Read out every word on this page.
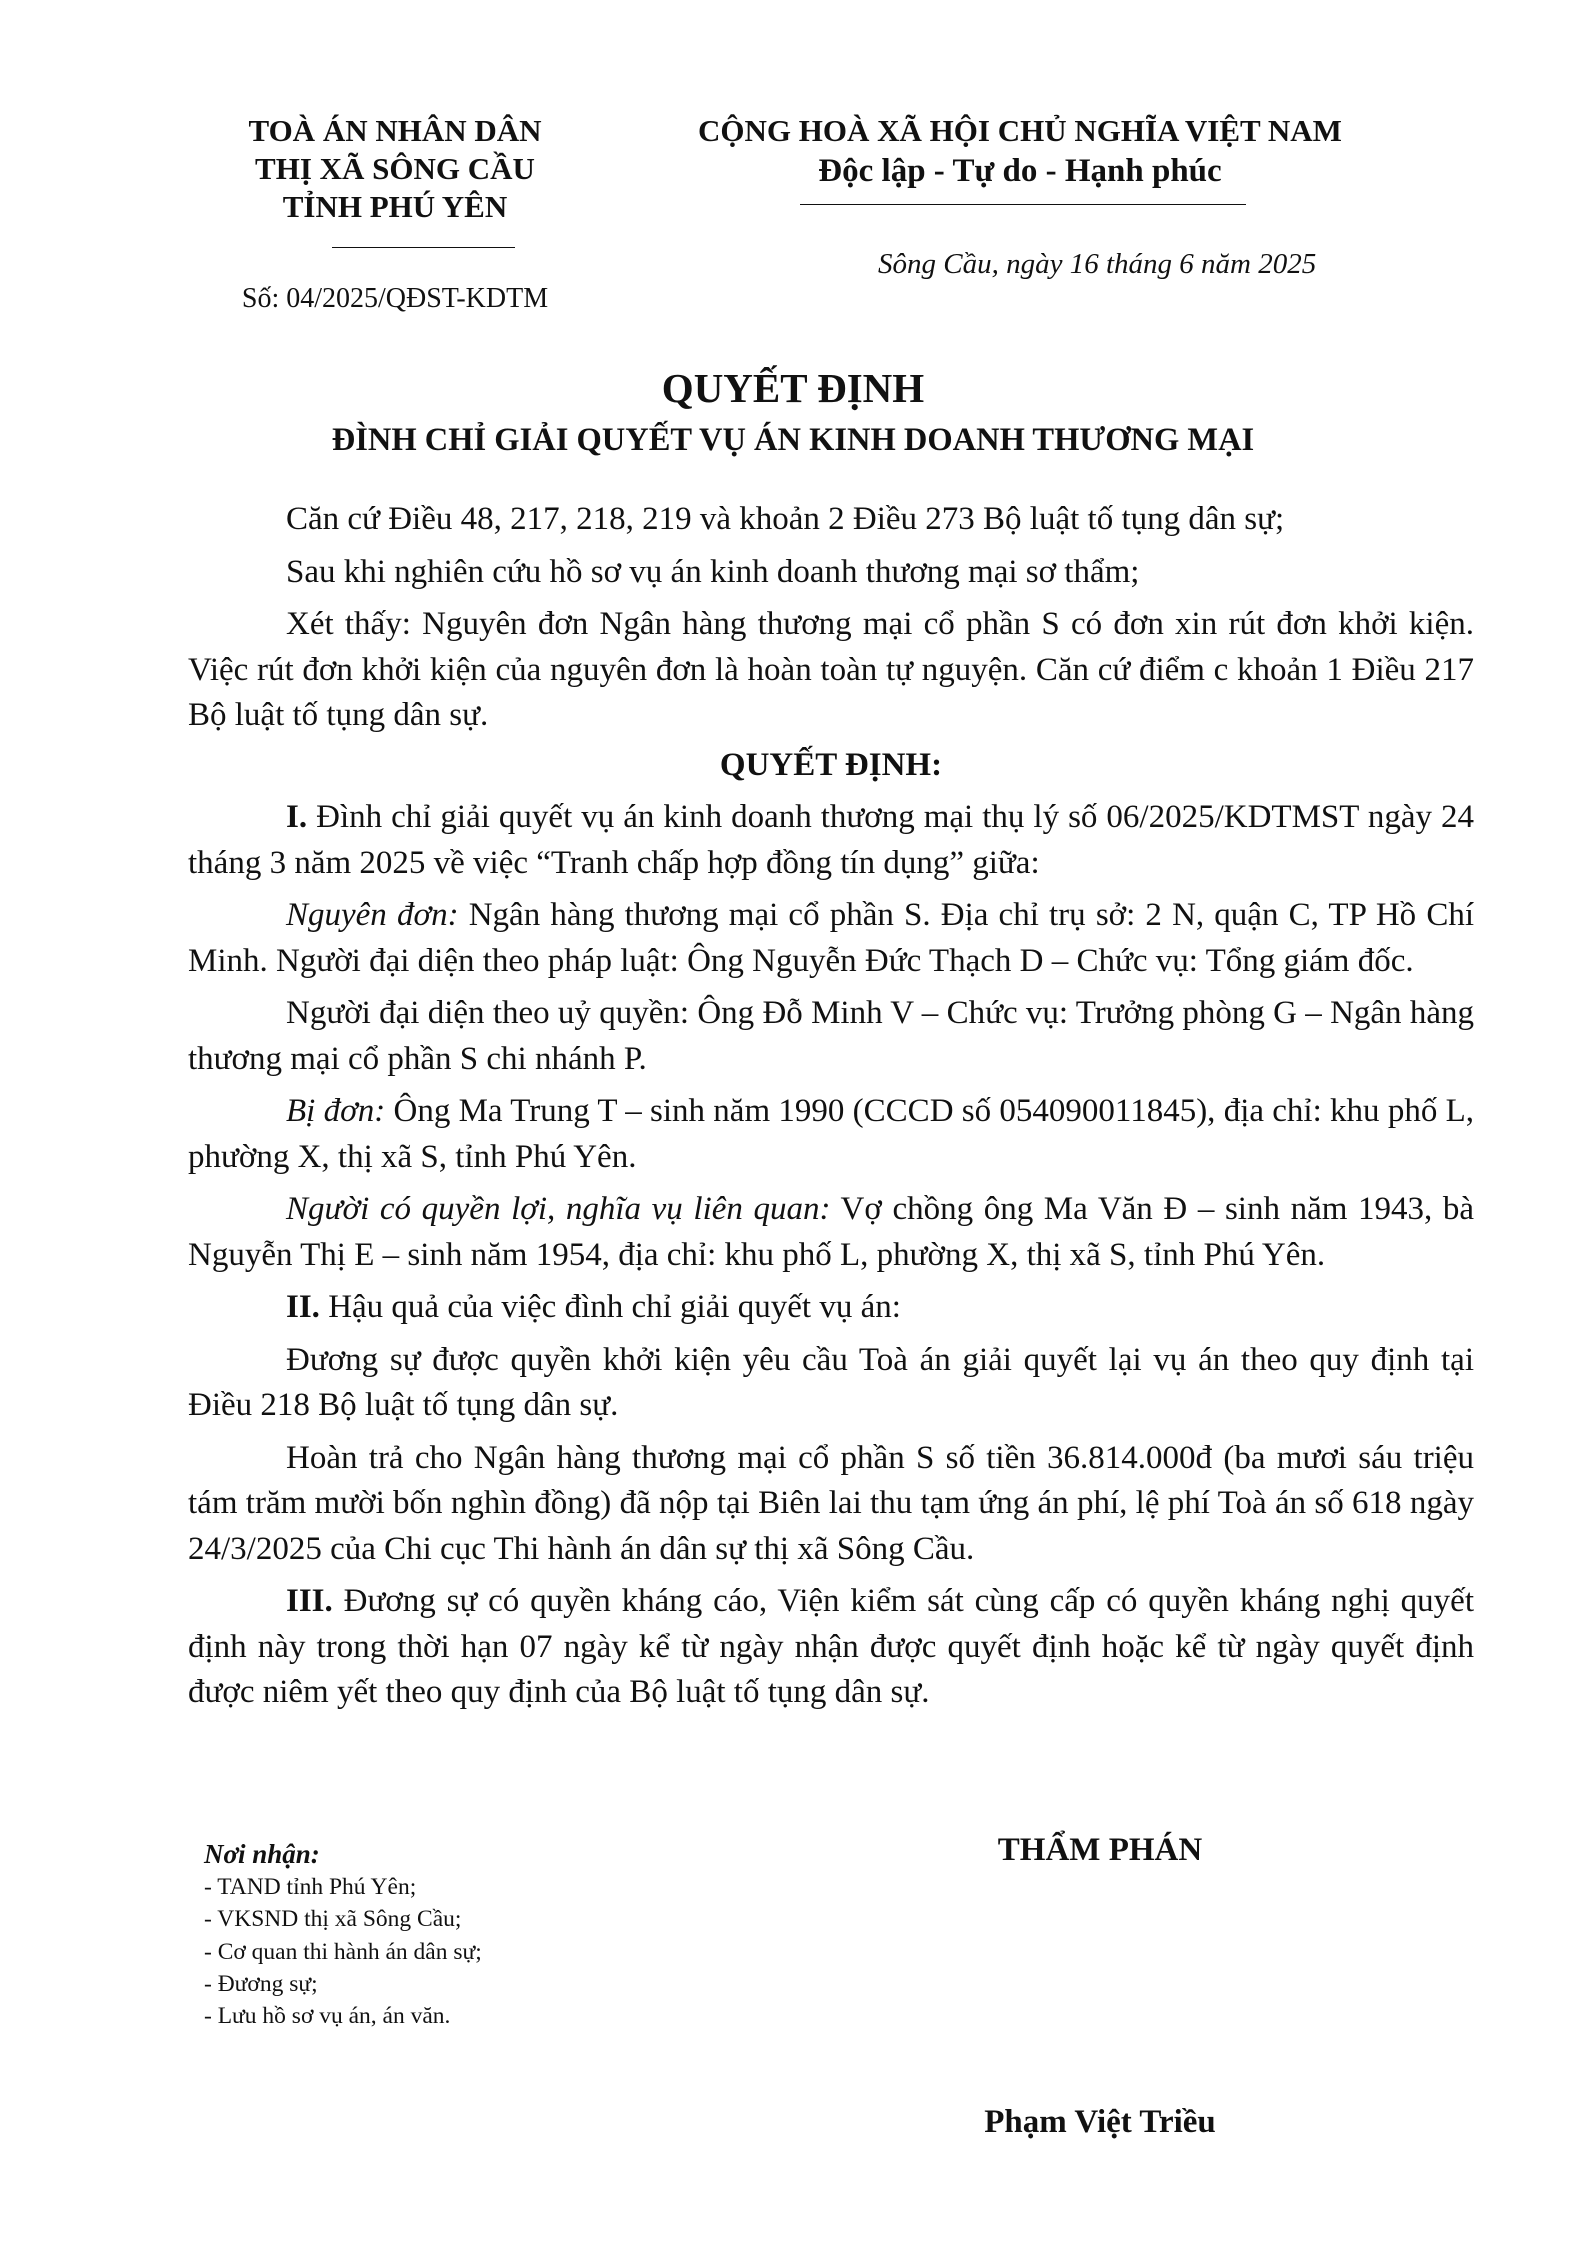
TOÀ ÁN NHÂN DÂN
THỊ XÃ SÔNG CẦU
TỈNH PHÚ YÊN
Số: 04/2025/QĐST-KDTM
CỘNG HOÀ XÃ HỘI CHỦ NGHĨA VIỆT NAM
Độc lập - Tự do - Hạnh phúc
Sông Cầu, ngày 16 tháng 6 năm 2025
QUYẾT ĐỊNH
ĐÌNH CHỈ GIẢI QUYẾT VỤ ÁN KINH DOANH THƯƠNG MẠI

Căn cứ Điều 48, 217, 218, 219 và khoản 2 Điều 273 Bộ luật tố tụng dân sự;

Sau khi nghiên cứu hồ sơ vụ án kinh doanh thương mại sơ thẩm;

Xét thấy: Nguyên đơn Ngân hàng thương mại cổ phần S có đơn xin rút đơn khởi kiện. Việc rút đơn khởi kiện của nguyên đơn là hoàn toàn tự nguyện. Căn cứ điểm c khoản 1 Điều 217 Bộ luật tố tụng dân sự.

QUYẾT ĐỊNH:

I. Đình chỉ giải quyết vụ án kinh doanh thương mại thụ lý số 06/2025/KDTMST ngày 24 tháng 3 năm 2025 về việc “Tranh chấp hợp đồng tín dụng” giữa:

Nguyên đơn: Ngân hàng thương mại cổ phần S. Địa chỉ trụ sở: 2 N, quận C, TP Hồ Chí Minh. Người đại diện theo pháp luật: Ông Nguyễn Đức Thạch D – Chức vụ: Tổng giám đốc.

Người đại diện theo uỷ quyền: Ông Đỗ Minh V – Chức vụ: Trưởng phòng G – Ngân hàng thương mại cổ phần S chi nhánh P.

Bị đơn: Ông Ma Trung T – sinh năm 1990 (CCCD số 054090011845), địa chỉ: khu phố L, phường X, thị xã S, tỉnh Phú Yên.

Người có quyền lợi, nghĩa vụ liên quan: Vợ chồng ông Ma Văn Đ – sinh năm 1943, bà Nguyễn Thị E – sinh năm 1954, địa chỉ: khu phố L, phường X, thị xã S, tỉnh Phú Yên.

II. Hậu quả của việc đình chỉ giải quyết vụ án:

Đương sự được quyền khởi kiện yêu cầu Toà án giải quyết lại vụ án theo quy định tại Điều 218 Bộ luật tố tụng dân sự.

Hoàn trả cho Ngân hàng thương mại cổ phần S số tiền 36.814.000đ (ba mươi sáu triệu tám trăm mười bốn nghìn đồng) đã nộp tại Biên lai thu tạm ứng án phí, lệ phí Toà án số 618 ngày 24/3/2025 của Chi cục Thi hành án dân sự thị xã Sông Cầu.

III. Đương sự có quyền kháng cáo, Viện kiểm sát cùng cấp có quyền kháng nghị quyết định này trong thời hạn 07 ngày kể từ ngày nhận được quyết định hoặc kể từ ngày quyết định được niêm yết theo quy định của Bộ luật tố tụng dân sự.

Nơi nhận:
- TAND tỉnh Phú Yên;
- VKSND thị xã Sông Cầu;
- Cơ quan thi hành án dân sự;
- Đương sự;
- Lưu hồ sơ vụ án, án văn.
THẨM PHÁN
Phạm Việt Triều
